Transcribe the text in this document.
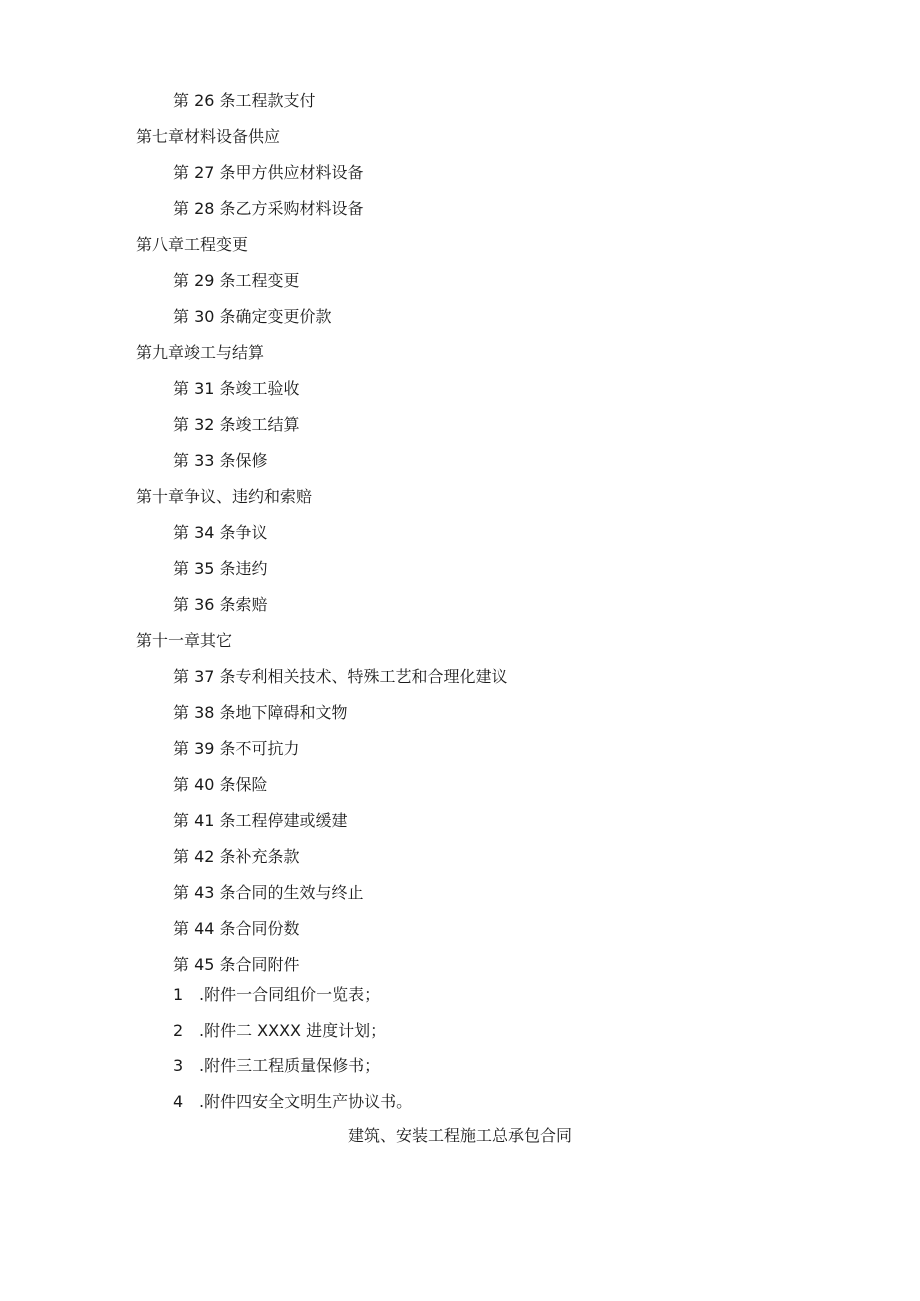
第 26 条工程款支付
第七章材料设备供应
第 27 条甲方供应材料设备
第 28 条乙方采购材料设备
第八章工程变更
第 29 条工程变更
第 30 条确定变更价款
第九章竣工与结算
第 31 条竣工验收
第 32 条竣工结算
第 33 条保修
第十章争议、违约和索赔
第 34 条争议
第 35 条违约
第 36 条索赔
第十一章其它
第 37 条专利相关技术、特殊工艺和合理化建议
第 38 条地下障碍和文物
第 39 条不可抗力
第 40 条保险
第 41 条工程停建或缓建
第 42 条补充条款
第 43 条合同的生效与终止
第 44 条合同份数
第 45 条合同附件
1 .附件一合同组价一览表；
2 .附件二 XXXX 进度计划；
3 .附件三工程质量保修书；
4 .附件四安全文明生产协议书。
建筑、安装工程施工总承包合同
